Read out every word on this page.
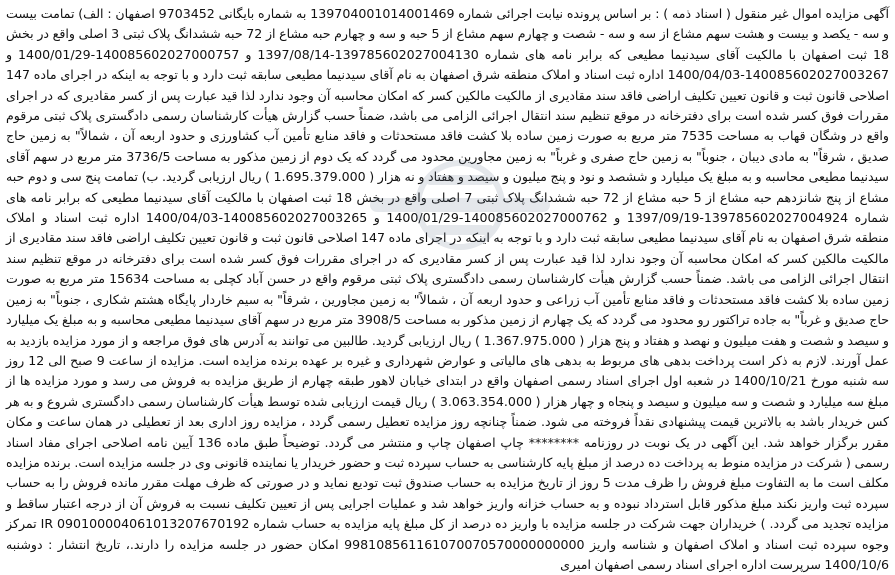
آگهی مزایده اموال غیر منقول ( اسناد ذمه ) : بر اساس پرونده نیابت اجرائی شماره 139704001014001469 به شماره بایگانی 9703452 اصفهان : الف) تمامت بیست و سه - یکصد و بیست و هشت سهم مشاع از سه و سه - شصت و چهارم سهم مشاع از 5 حبه و سه و چهارم حبه مشاع از 72 حبه ششدانگ پلاک ثبتی 3 اصلی واقع در بخش 18 ثبت اصفهان با مالکیت آقای سیدنیما مطیعی که برابر نامه های شماره 139785602027004130-1397/08/14 و 140085602027000757-1400/01/29 و 140085602027003267-1400/04/03 اداره ثبت اسناد و املاک منطقه شرق اصفهان به نام آقای سیدنیما مطیعی سابقه ثبت دارد و با توجه به اینکه در اجرای ماده 147 اصلاحی قانون ثبت و قانون تعیین تکلیف اراضی فاقد سند مقادیری از مالکیت مالکین کسر که امکان محاسبه آن وجود ندارد لذا قید عبارت پس از کسر مقادیری که در اجرای مقررات فوق کسر شده است برای دفترخانه در موقع تنظیم سند انتقال اجرائی الزامی می باشد، ضمناً حسب گزارش هیأت کارشناسان رسمی دادگستری پلاک ثبتی مرقوم واقع در وشگان قهاب به مساحت 7535 متر مربع به صورت زمین ساده بلا کشت فاقد مستحدثات و فاقد منابع تأمین آب کشاورزی و حدود اربعه آن ، شمالاً" به زمین حاج صدیق ، شرقاً" به مادی دیبان ، جنوباً" به زمین حاج صفری و غرباً" به زمین مجاورین محدود می گردد که یک دوم از زمین مذکور به مساحت 3736/5 متر مربع در سهم آقای سیدنیما مطیعی محاسبه و به مبلغ یک میلیارد و ششصد و نود و پنج میلیون و سیصد و هفتاد و نه هزار ( 1.695.379.000 ) ریال ارزیابی گردید. ب) تمامت پنج سی و دوم حبه مشاع از پنج شانزدهم حبه مشاع از 5 حبه مشاع از 72 حبه ششدانگ پلاک ثبتی 7 اصلی واقع در بخش 18 ثبت اصفهان با مالکیت آقای سیدنیما مطیعی که برابر نامه های شماره 139785602027004924-1397/09/19 و 140085602027000762-1400/01/29 و 140085602027003265-1400/04/03 اداره ثبت اسناد و املاک منطقه شرق اصفهان به نام آقای سیدنیما مطیعی سابقه ثبت دارد و با توجه به اینکه در اجرای ماده 147 اصلاحی قانون ثبت و قانون تعیین تکلیف اراضی فاقد سند مقادیری از مالکیت مالکین کسر که امکان محاسبه آن وجود ندارد لذا قید عبارت پس از کسر مقادیری که در اجرای مقررات فوق کسر شده است برای دفترخانه در موقع تنظیم سند انتقال اجرائی الزامی می باشد. ضمناً حسب گزارش هیأت کارشناسان رسمی دادگستری پلاک ثبتی مرقوم واقع در حسن آباد کچلی به مساحت 15634 متر مربع به صورت زمین ساده بلا کشت فاقد مستحدثات و فاقد منابع تأمین آب زراعی و حدود اربعه آن ، شمالاً" به زمین مجاورین ، شرقاً" به سیم خاردار پایگاه هشتم شکاری ، جنوباً" به زمین حاج صدیق و غرباً" به جاده تراکتور رو محدود می گردد که یک چهارم از زمین مذکور به مساحت 3908/5 متر مربع در سهم آقای سیدنیما مطیعی محاسبه و به مبلغ یک میلیارد و سیصد و شصت و هفت میلیون و نهصد و هفتاد و پنج هزار ( 1.367.975.000 ) ریال ارزیابی گردید. طالبین می توانند به آدرس های فوق مراجعه و از مورد مزایده بازدید به عمل آورند. لازم به ذکر است پرداخت بدهی های مربوط به بدهی های مالیاتی و عوارض شهرداری و غیره بر عهده برنده مزایده است. مزایده از ساعت 9 صبح الی 12 روز سه شنبه مورخ 1400/10/21 در شعبه اول اجرای اسناد رسمی اصفهان واقع در ابتدای خیابان لاهور طبقه چهارم از طریق مزایده به فروش می رسد و مورد مزایده ها از مبلغ سه میلیارد و شصت و سه میلیون و سیصد و پنجاه و چهار هزار ( 3.063.354.000 ) ریال قیمت ارزیابی شده توسط هیأت کارشناسان رسمی دادگستری شروع و به هر کس خریدار باشد به بالاترین قیمت پیشنهادی نقداً فروخته می شود. ضمناً چنانچه روز مزایده تعطیل رسمی گردد ، مزایده روز اداری بعد از تعطیلی در همان ساعت و مکان مقرر برگزار خواهد شد. این آگهی در یک نوبت در روزنامه ******** چاپ اصفهان چاپ و منتشر می گردد. توضیحاً طبق ماده 136 آیین نامه اصلاحی اجرای مفاد اسناد رسمی ( شرکت در مزایده منوط به پرداخت ده درصد از مبلغ پایه کارشناسی به حساب سپرده ثبت و حضور خریدار یا نماینده قانونی وی در جلسه مزایده است. برنده مزایده مکلف است ما به التفاوت مبلغ فروش را ظرف مدت 5 روز از تاریخ مزایده به حساب صندوق ثبت تودیع نماید و در صورتی که ظرف مهلت مقرر مانده فروش را به حساب سپرده ثبت واریز نکند مبلغ مذکور قابل استرداد نبوده و به حساب خزانه واریز خواهد شد و عملیات اجرایی پس از تعیین تکلیف نسبت به فروش آن از درجه اعتبار ساقط و مزایده تجدید می گردد. ) خریداران جهت شرکت در جلسه مزایده با واریز ده درصد از کل مبلغ پایه مزایده به حساب شماره IR 090100004061013207670192 تمرکز وجوه سپرده ثبت اسناد و املاک اصفهان و شناسه واریز 998108561161070070570000000000 امکان حضور در جلسه مزایده را دارند.، تاریخ انتشار : دوشنبه 1400/10/6 سرپرست اداره اجرای اسناد رسمی اصفهان امیری
